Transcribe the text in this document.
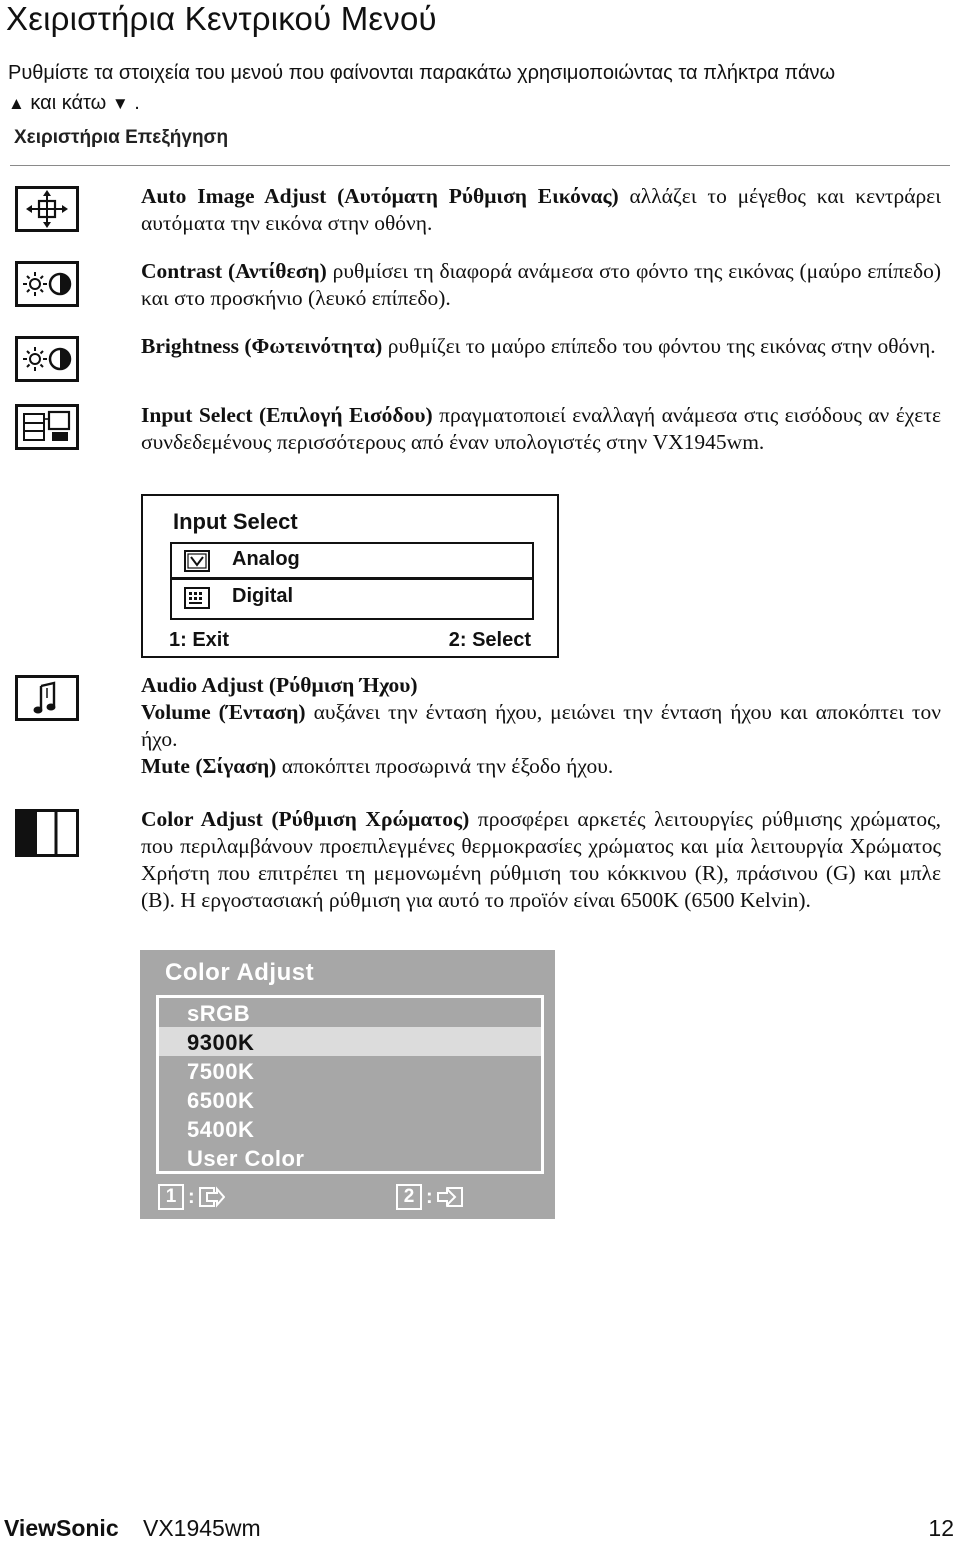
Χειριστήρια Κεντρικού Μενού
Ρυθμίστε τα στοιχεία του μενού που φαίνονται παρακάτω χρησιμοποιώντας τα πλήκτρα πάνω
▲ και κάτω ▼ .
Χειριστήρια Επεξήγηση
Auto Image Adjust (Αυτόματη Ρύθμιση Εικόνας) αλλάζει το μέγεθος και κεντράρει αυτόματα την εικόνα στην οθόνη.
Contrast (Αντίθεση) ρυθμίσει τη διαφορά ανάμεσα στο φόντο της εικόνας (μαύρο επίπεδο) και στο προσκήνιο (λευκό επίπεδο).
Brightness (Φωτεινότητα) ρυθμίζει το μαύρο επίπεδο του φόντου της εικόνας στην οθόνη.
Input Select (Επιλογή Εισόδου) πραγματοποιεί εναλλαγή ανάμεσα στις εισόδους αν έχετε συνδεδεμένους περισσότερους από έναν υπολογιστές στην VX1945wm.
Input Select
Analog
Digital
1: Exit	2: Select
Audio Adjust (Ρύθμιση Ήχου)
Volume (Ένταση) αυξάνει την ένταση ήχου, μειώνει την ένταση ήχου και αποκόπτει τον ήχο.
Mute (Σίγαση) αποκόπτει προσωρινά την έξοδο ήχου.
Color Adjust (Ρύθμιση Χρώματος) προσφέρει αρκετές λειτουργίες ρύθμισης χρώματος, που περιλαμβάνουν προεπιλεγμένες θερμοκρασίες χρώματος και μία λειτουργία Χρώματος Χρήστη που επιτρέπει τη μεμονωμένη ρύθμιση του κόκκινου (R), πράσινου (G) και μπλε (B). Η εργοστασιακή ρύθμιση για αυτό το προϊόν είναι 6500K (6500 Kelvin).
Color Adjust
sRGB
9300K
7500K
6500K
5400K
User Color
1 :	2 :
ViewSonic VX1945wm	12
